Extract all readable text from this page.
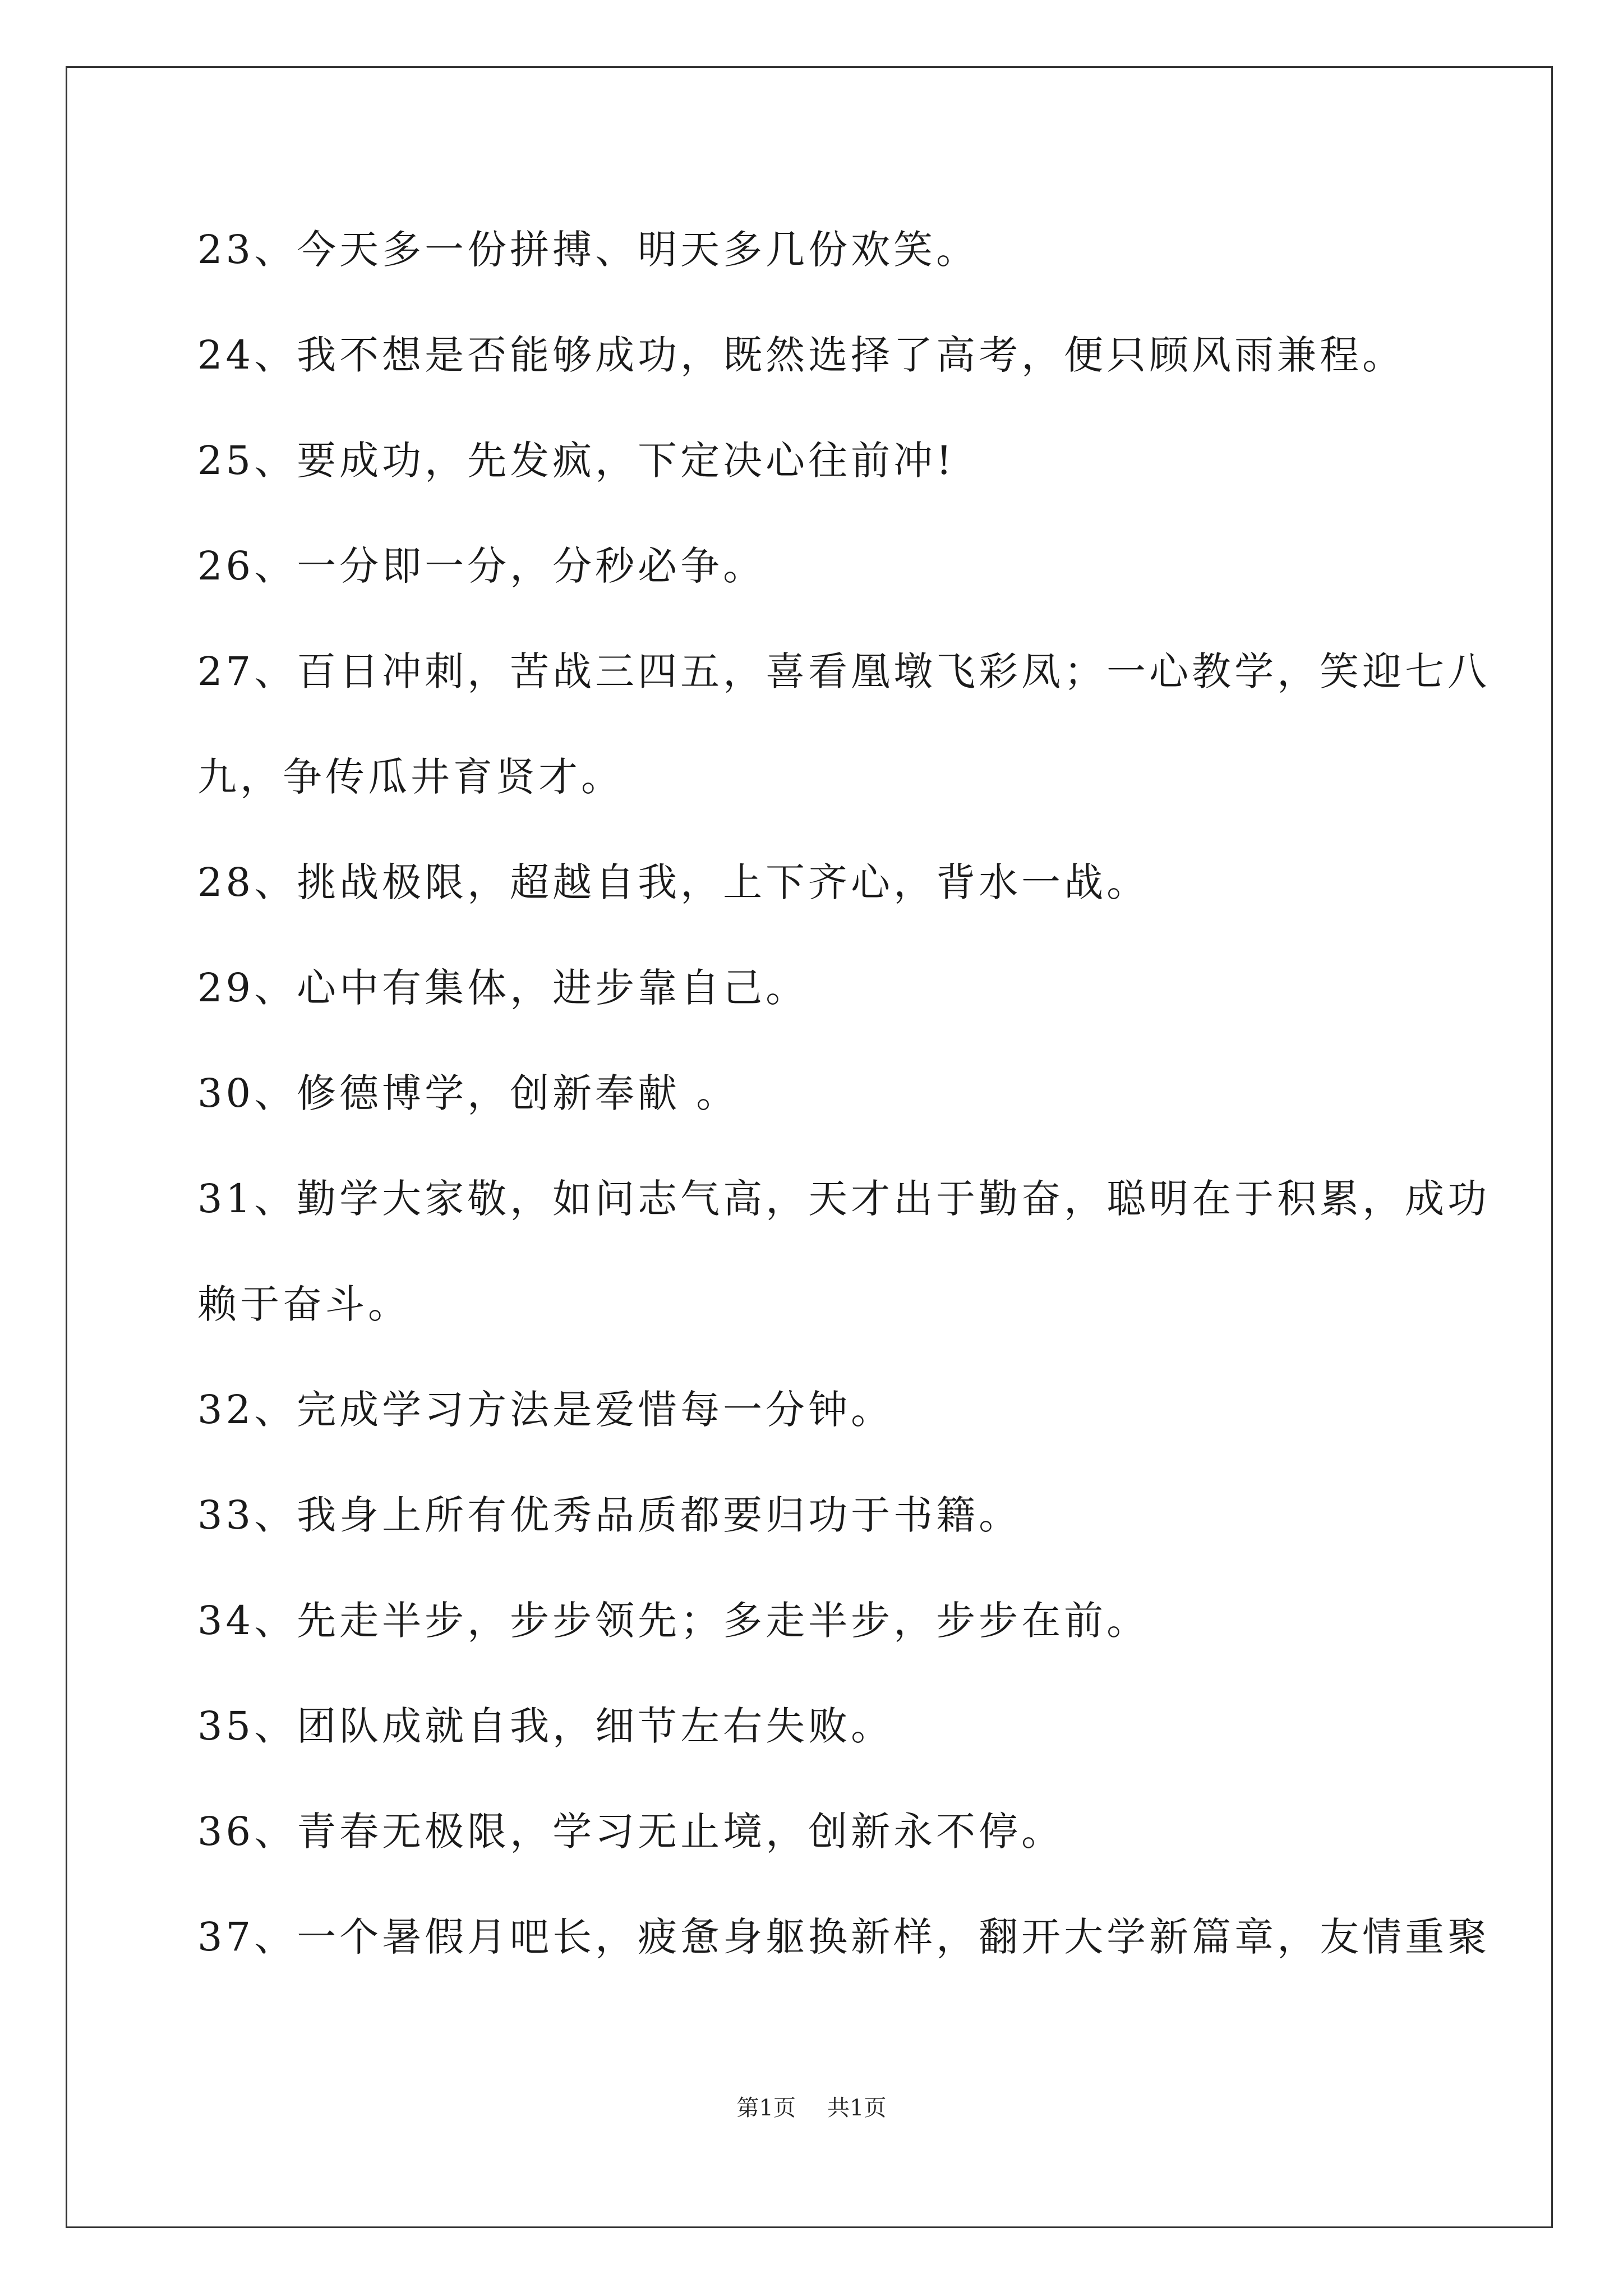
23、今天多一份拼搏、明天多几份欢笑。
24、我不想是否能够成功，既然选择了高考，便只顾风雨兼程。
25、要成功，先发疯，下定决心往前冲!
26、一分即一分，分秒必争。
27、百日冲刺，苦战三四五，喜看凰墩飞彩凤；一心教学，笑迎七八
九，争传瓜井育贤才。
28、挑战极限，超越自我，上下齐心，背水一战。
29、心中有集体，进步靠自己。
30、修德博学，创新奉献 。
31、勤学大家敬，如问志气高，天才出于勤奋，聪明在于积累，成功
赖于奋斗。
32、完成学习方法是爱惜每一分钟。
33、我身上所有优秀品质都要归功于书籍。
34、先走半步，步步领先；多走半步，步步在前。
35、团队成就自我，细节左右失败。
36、青春无极限，学习无止境，创新永不停。
37、一个暑假月吧长，疲惫身躯换新样，翻开大学新篇章，友情重聚
第1页 共1页
